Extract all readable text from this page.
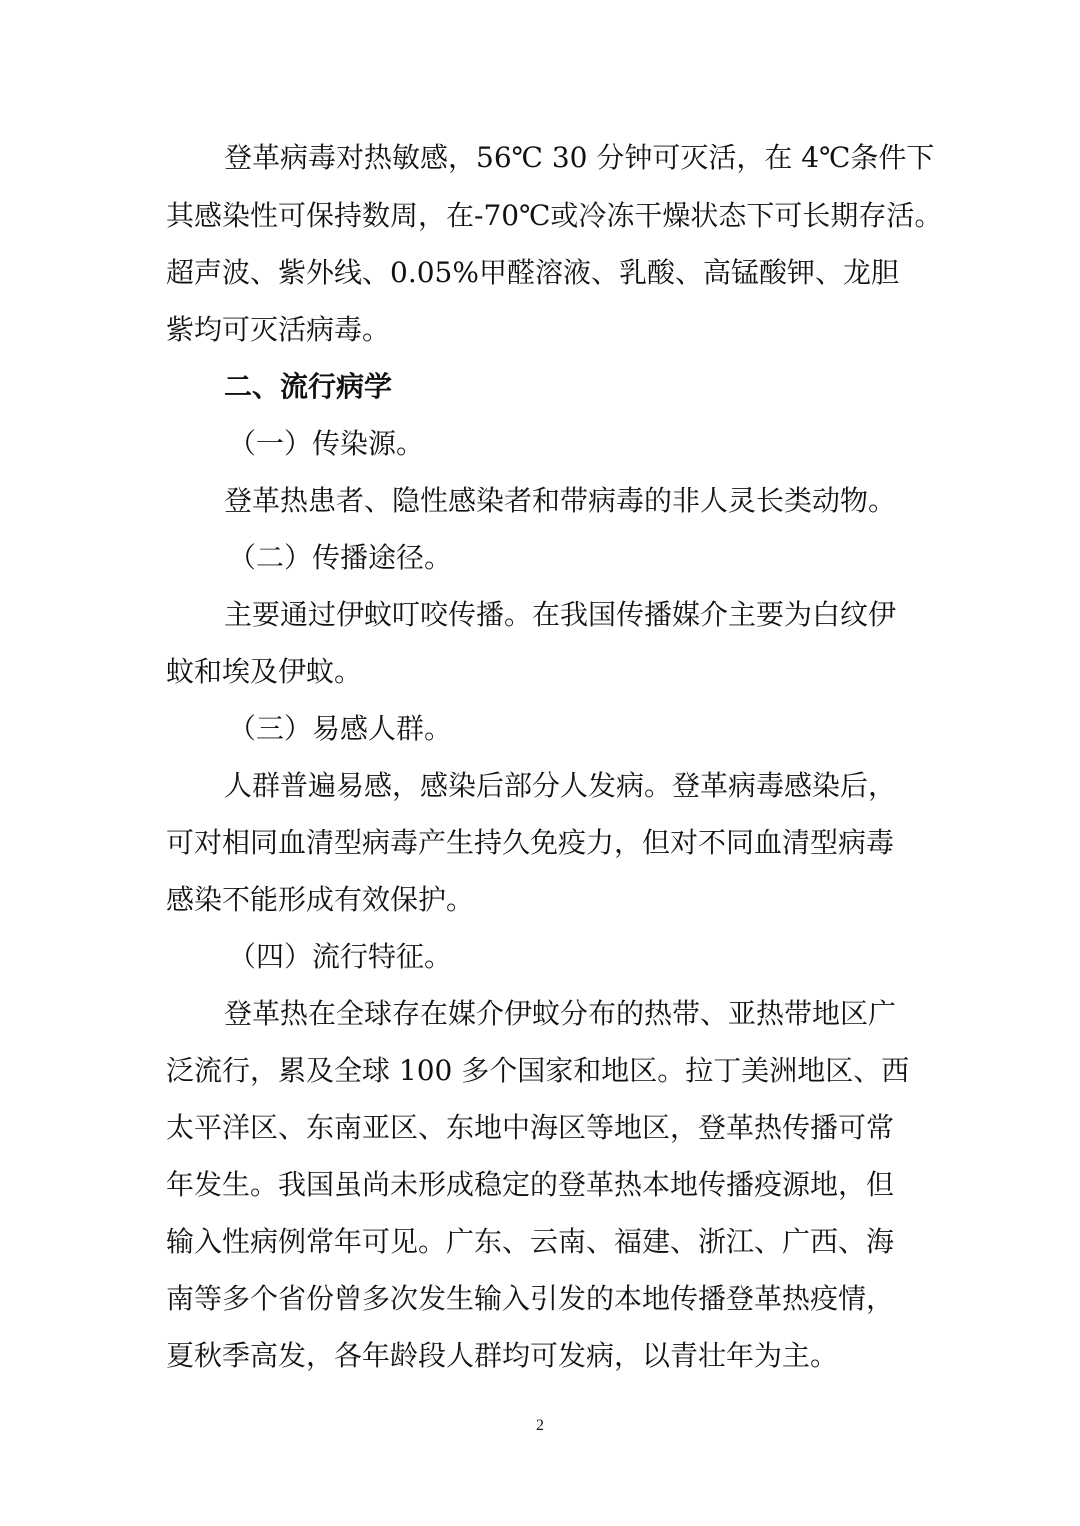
登革病毒对热敏感，56℃ 30 分钟可灭活，在 4℃条件下
其感染性可保持数周，在-70℃或冷冻干燥状态下可长期存活。
超声波、紫外线、0.05%甲醛溶液、乳酸、高锰酸钾、龙胆
紫均可灭活病毒。
二、流行病学
（一）传染源。
登革热患者、隐性感染者和带病毒的非人灵长类动物。
（二）传播途径。
主要通过伊蚊叮咬传播。在我国传播媒介主要为白纹伊
蚊和埃及伊蚊。
（三）易感人群。
人群普遍易感，感染后部分人发病。登革病毒感染后，
可对相同血清型病毒产生持久免疫力，但对不同血清型病毒
感染不能形成有效保护。
（四）流行特征。
登革热在全球存在媒介伊蚊分布的热带、亚热带地区广
泛流行，累及全球 100 多个国家和地区。拉丁美洲地区、西
太平洋区、东南亚区、东地中海区等地区，登革热传播可常
年发生。我国虽尚未形成稳定的登革热本地传播疫源地，但
输入性病例常年可见。广东、云南、福建、浙江、广西、海
南等多个省份曾多次发生输入引发的本地传播登革热疫情，
夏秋季高发，各年龄段人群均可发病，以青壮年为主。
2
